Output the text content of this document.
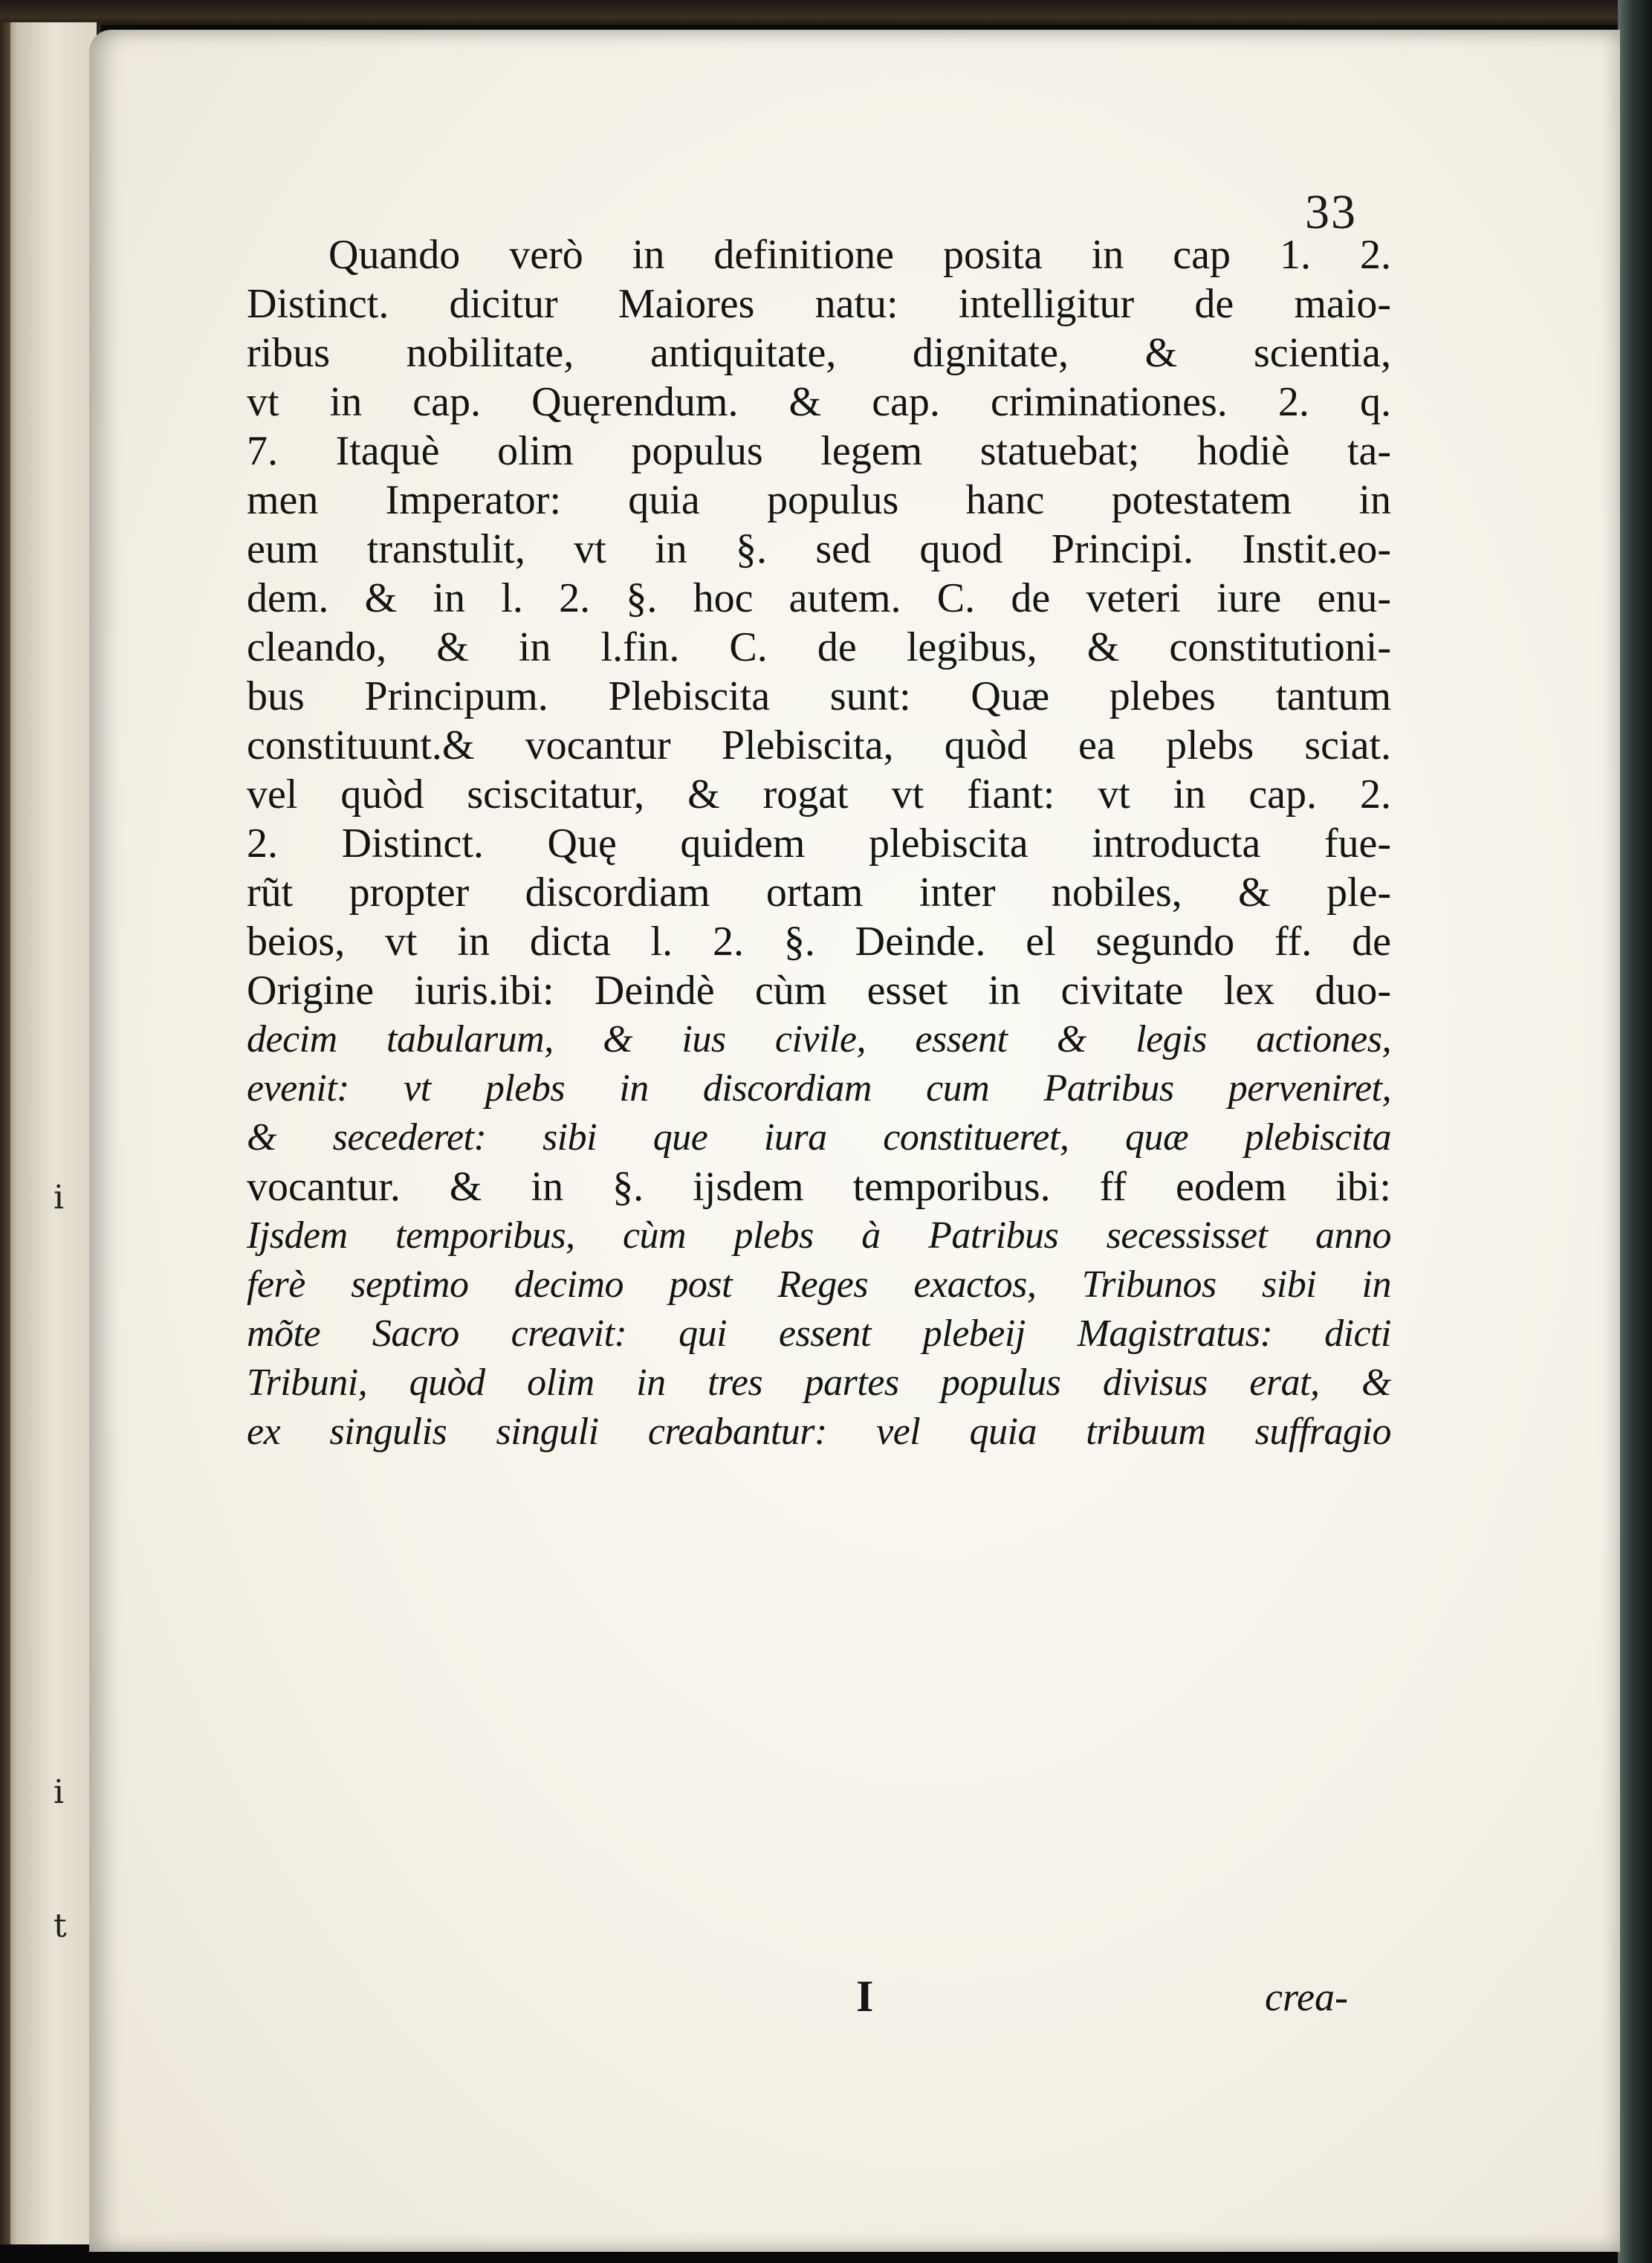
i
i
t
33
Quando verò in definitione posita in cap 1. 2.
Distinct. dicitur Maiores natu: intelligitur de maio-
ribus nobilitate, antiquitate, dignitate, & scientia,
vt in cap. Quęrendum. & cap. criminationes. 2. q.
7. Itaquè olim populus legem statuebat; hodiè ta-
men Imperator: quia populus hanc potestatem in
eum transtulit, vt in §. sed quod Principi. Instit.eo-
dem. & in l. 2. §. hoc autem. C. de veteri iure enu-
cleando, & in l.fin. C. de legibus, & constitutioni-
bus Principum. Plebiscita sunt: Quæ plebes tantum
constituunt.& vocantur Plebiscita, quòd ea plebs sciat.
vel quòd sciscitatur, & rogat vt fiant: vt in cap. 2.
2. Distinct. Quę quidem plebiscita introducta fue-
rũt propter discordiam ortam inter nobiles, & ple-
beios, vt in dicta l. 2. §. Deinde. el segundo ff. de
Origine iuris.ibi: Deindè cùm esset in civitate lex duo-
decim tabularum, & ius civile, essent & legis actiones,
evenit: vt plebs in discordiam cum Patribus perveniret,
& secederet: sibi que iura constitueret, quæ plebiscita
vocantur. & in §. ijsdem temporibus. ff eodem ibi:
Ijsdem temporibus, cùm plebs à Patribus secessisset anno
ferè septimo decimo post Reges exactos, Tribunos sibi in
mõte Sacro creavit: qui essent plebeij Magistratus: dicti
Tribuni, quòd olim in tres partes populus divisus erat, &
ex singulis singuli creabantur: vel quia tribuum suffragio
I	crea-
